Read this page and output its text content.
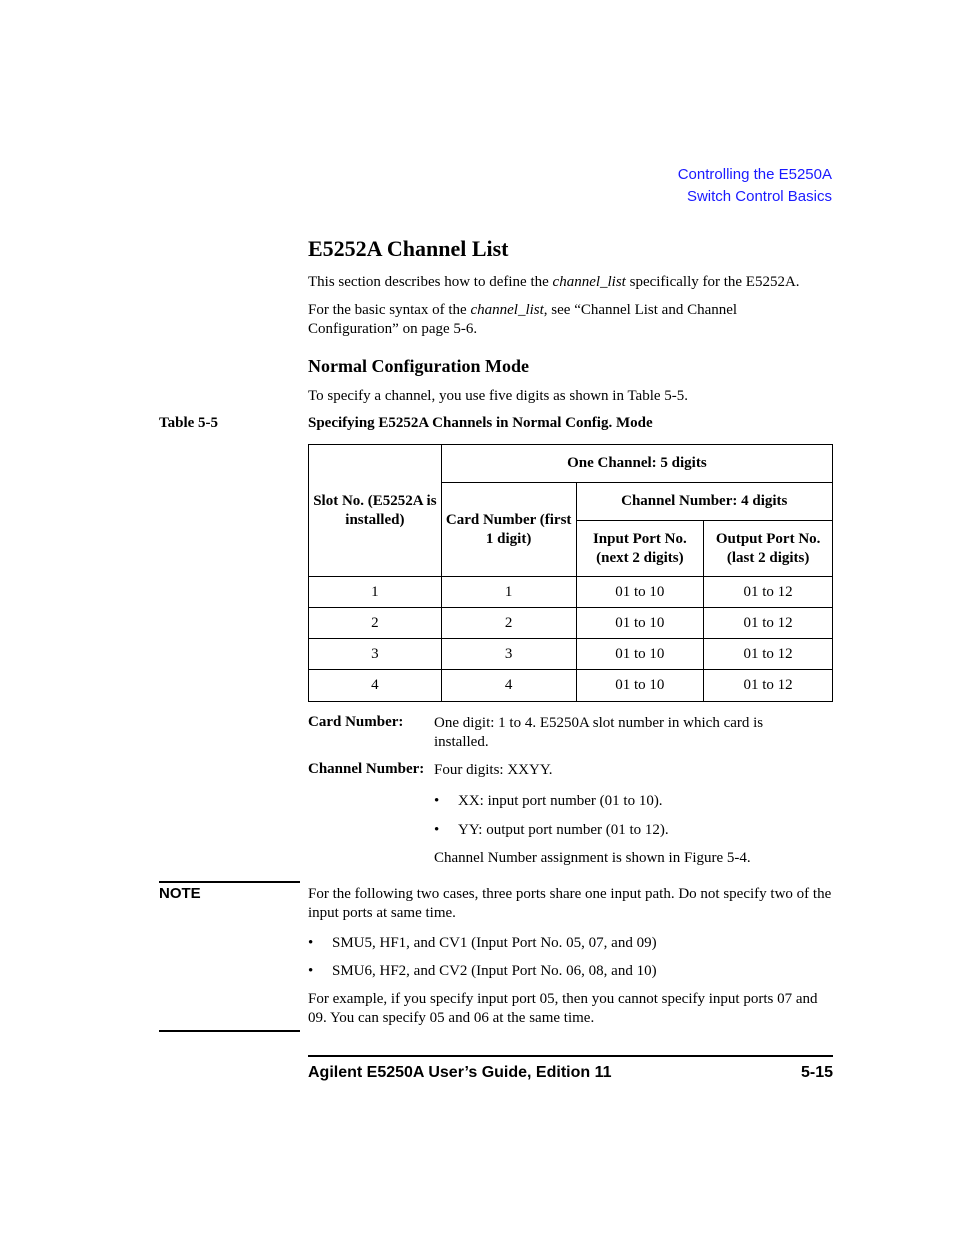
Controlling the E5250A
Switch Control Basics
E5252A Channel List
This section describes how to define the channel_list specifically for the E5252A.
For the basic syntax of the channel_list, see “Channel List and Channel Configuration” on page 5-6.
Normal Configuration Mode
To specify a channel, you use five digits as shown in Table 5-5.
Table 5-5	Specifying E5252A Channels in Normal Config. Mode
Slot No. (E5252A is installed)	One Channel: 5 digits		
	Card Number (first 1 digit)	Channel Number: 4 digits	
		Input Port No. (next 2 digits)	Output Port No. (last 2 digits)
1	1	01 to 10	01 to 12
2	2	01 to 10	01 to 12
3	3	01 to 10	01 to 12
4	4	01 to 10	01 to 12
Card Number: One digit: 1 to 4. E5250A slot number in which card is installed.
Channel Number: Four digits: XXYY.
• XX: input port number (01 to 10).
• YY: output port number (01 to 12).
Channel Number assignment is shown in Figure 5-4.
NOTE	For the following two cases, three ports share one input path. Do not specify two of the input ports at same time.
• SMU5, HF1, and CV1 (Input Port No. 05, 07, and 09)
• SMU6, HF2, and CV2 (Input Port No. 06, 08, and 10)
For example, if you specify input port 05, then you cannot specify input ports 07 and 09. You can specify 05 and 06 at the same time.
Agilent E5250A User’s Guide, Edition 11	5-15
